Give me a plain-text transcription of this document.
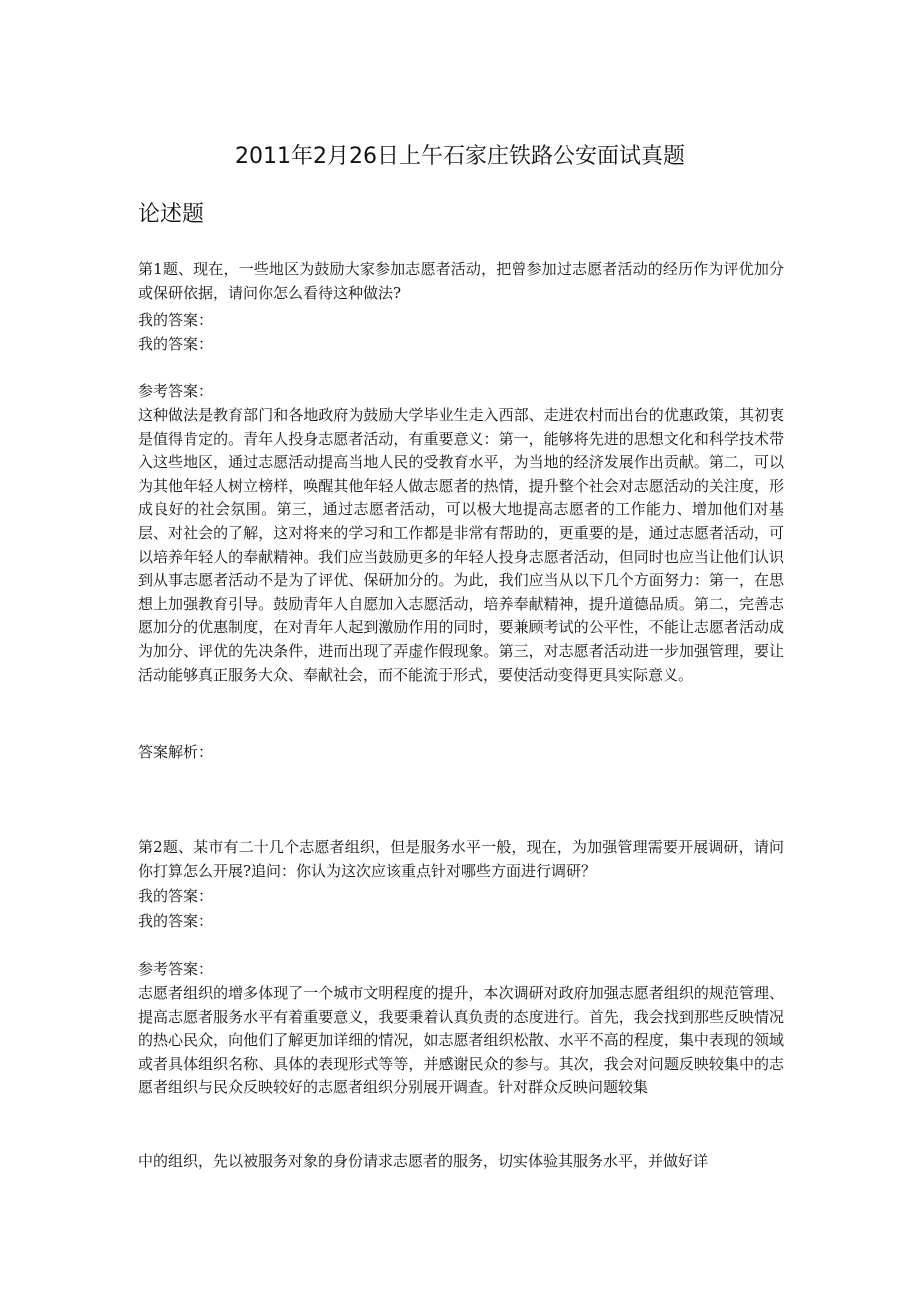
2011年2月26日上午石家庄铁路公安面试真题
论述题
第1题、现在，一些地区为鼓励大家参加志愿者活动，把曾参加过志愿者活动的经历作为评优加分或保研依据，请问你怎么看待这种做法?
我的答案：
我的答案：
参考答案：
这种做法是教育部门和各地政府为鼓励大学毕业生走入西部、走进农村而出台的优惠政策，其初衷是值得肯定的。青年人投身志愿者活动，有重要意义：第一，能够将先进的思想文化和科学技术带入这些地区，通过志愿活动提高当地人民的受教育水平，为当地的经济发展作出贡献。第二，可以为其他年轻人树立榜样，唤醒其他年轻人做志愿者的热情，提升整个社会对志愿活动的关注度，形成良好的社会氛围。第三，通过志愿者活动，可以极大地提高志愿者的工作能力、增加他们对基层、对社会的了解，这对将来的学习和工作都是非常有帮助的，更重要的是，通过志愿者活动，可以培养年轻人的奉献精神。我们应当鼓励更多的年轻人投身志愿者活动，但同时也应当让他们认识到从事志愿者活动不是为了评优、保研加分的。为此，我们应当从以下几个方面努力：第一，在思想上加强教育引导。鼓励青年人自愿加入志愿活动，培养奉献精神，提升道德品质。第二，完善志愿加分的优惠制度，在对青年人起到激励作用的同时，要兼顾考试的公平性，不能让志愿者活动成为加分、评优的先决条件，进而出现了弄虚作假现象。第三，对志愿者活动进一步加强管理，要让活动能够真正服务大众、奉献社会，而不能流于形式，要使活动变得更具实际意义。
答案解析：
第2题、某市有二十几个志愿者组织，但是服务水平一般，现在，为加强管理需要开展调研，请问你打算怎么开展?追问：你认为这次应该重点针对哪些方面进行调研？
我的答案：
我的答案：
参考答案：
志愿者组织的增多体现了一个城市文明程度的提升，本次调研对政府加强志愿者组织的规范管理、提高志愿者服务水平有着重要意义，我要秉着认真负责的态度进行。首先，我会找到那些反映情况的热心民众，向他们了解更加详细的情况，如志愿者组织松散、水平不高的程度，集中表现的领域或者具体组织名称、具体的表现形式等等，并感谢民众的参与。其次，我会对问题反映较集中的志愿者组织与民众反映较好的志愿者组织分别展开调查。针对群众反映问题较集
中的组织，先以被服务对象的身份请求志愿者的服务，切实体验其服务水平，并做好详
